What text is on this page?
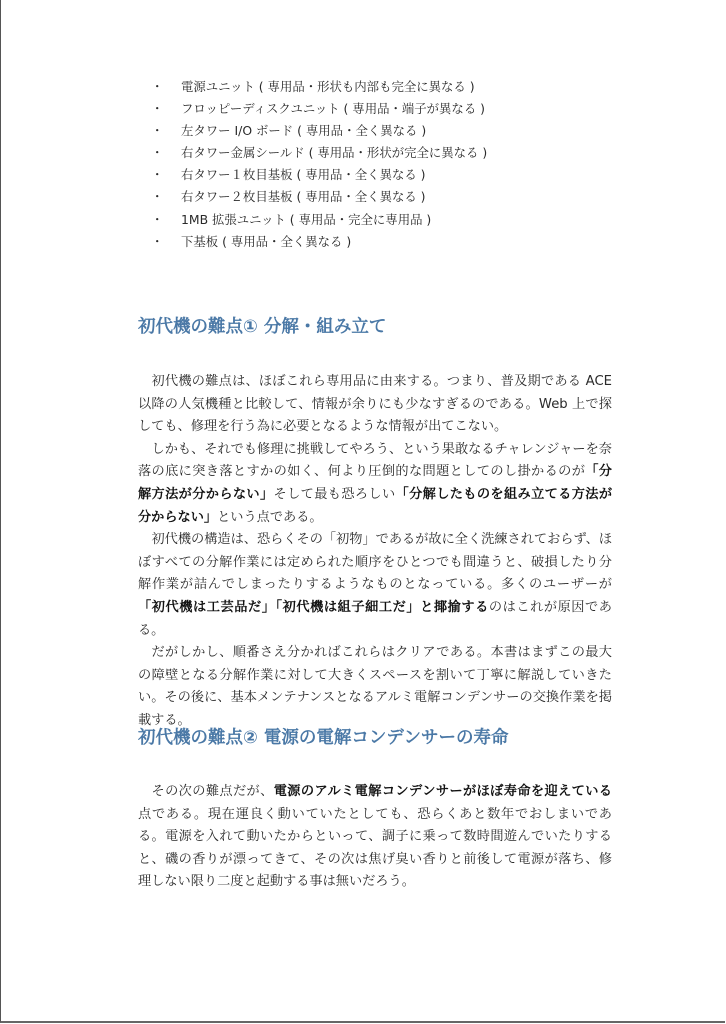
・ 電源ユニット ( 専用品・形状も内部も完全に異なる )
・ フロッピーディスクユニット ( 専用品・端子が異なる )
・ 左タワー I/O ボード ( 専用品・全く異なる )
・ 右タワー金属シールド ( 専用品・形状が完全に異なる )
・ 右タワー１枚目基板 ( 専用品・全く異なる )
・ 右タワー２枚目基板 ( 専用品・全く異なる )
・ 1MB 拡張ユニット ( 専用品・完全に専用品 )
・ 下基板 ( 専用品・全く異なる )
初代機の難点① 分解・組み立て

初代機の難点は、ほぼこれら専用品に由来する。つまり、普及期である ACE 以降の人気機種と比較して、情報が余りにも少なすぎるのである。Web 上で探しても、修理を行う為に必要となるような情報が出てこない。

しかも、それでも修理に挑戦してやろう、という果敢なるチャレンジャーを奈落の底に突き落とすかの如く、何より圧倒的な問題としてのし掛かるのが「分解方法が分からない」そして最も恐ろしい「分解したものを組み立てる方法が分からない」という点である。

初代機の構造は、恐らくその「初物」であるが故に全く洗練されておらず、ほぼすべての分解作業には定められた順序をひとつでも間違うと、破損したり分解作業が詰んでしまったりするようなものとなっている。多くのユーザーが「初代機は工芸品だ」「初代機は組子細工だ」と揶揄するのはこれが原因である。

だがしかし、順番さえ分かればこれらはクリアである。本書はまずこの最大の障壁となる分解作業に対して大きくスペースを割いて丁寧に解説していきたい。その後に、基本メンテナンスとなるアルミ電解コンデンサーの交換作業を掲載する。

初代機の難点② 電源の電解コンデンサーの寿命

その次の難点だが、電源のアルミ電解コンデンサーがほぼ寿命を迎えている点である。現在運良く動いていたとしても、恐らくあと数年でおしまいである。電源を入れて動いたからといって、調子に乗って数時間遊んでいたりすると、磯の香りが漂ってきて、その次は焦げ臭い香りと前後して電源が落ち、修理しない限り二度と起動する事は無いだろう。
